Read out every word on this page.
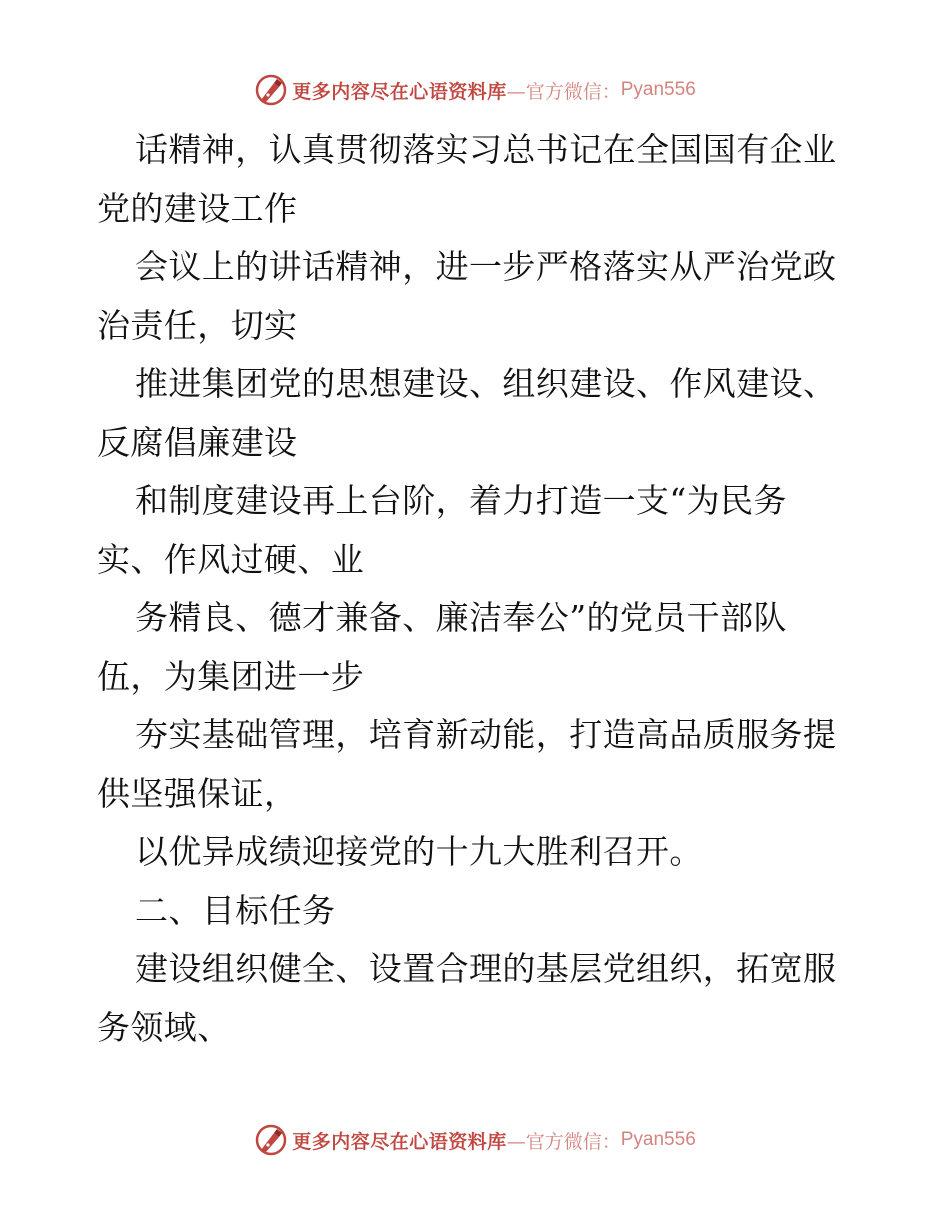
更多内容尽在心语资料库 —官方微信： Pyan556
话精神，认真贯彻落实习总书记在全国国有企业
党的建设工作
会议上的讲话精神，进一步严格落实从严治党政
治责任，切实
推进集团党的思想建设、组织建设、作风建设、
反腐倡廉建设
和制度建设再上台阶，着力打造一支“为民务
实、作风过硬、业
务精良、德才兼备、廉洁奉公”的党员干部队
伍，为集团进一步
夯实基础管理，培育新动能，打造高品质服务提
供坚强保证，
以优异成绩迎接党的十九大胜利召开。
二、目标任务
建设组织健全、设置合理的基层党组织，拓宽服
务领域、
更多内容尽在心语资料库 —官方微信： Pyan556
